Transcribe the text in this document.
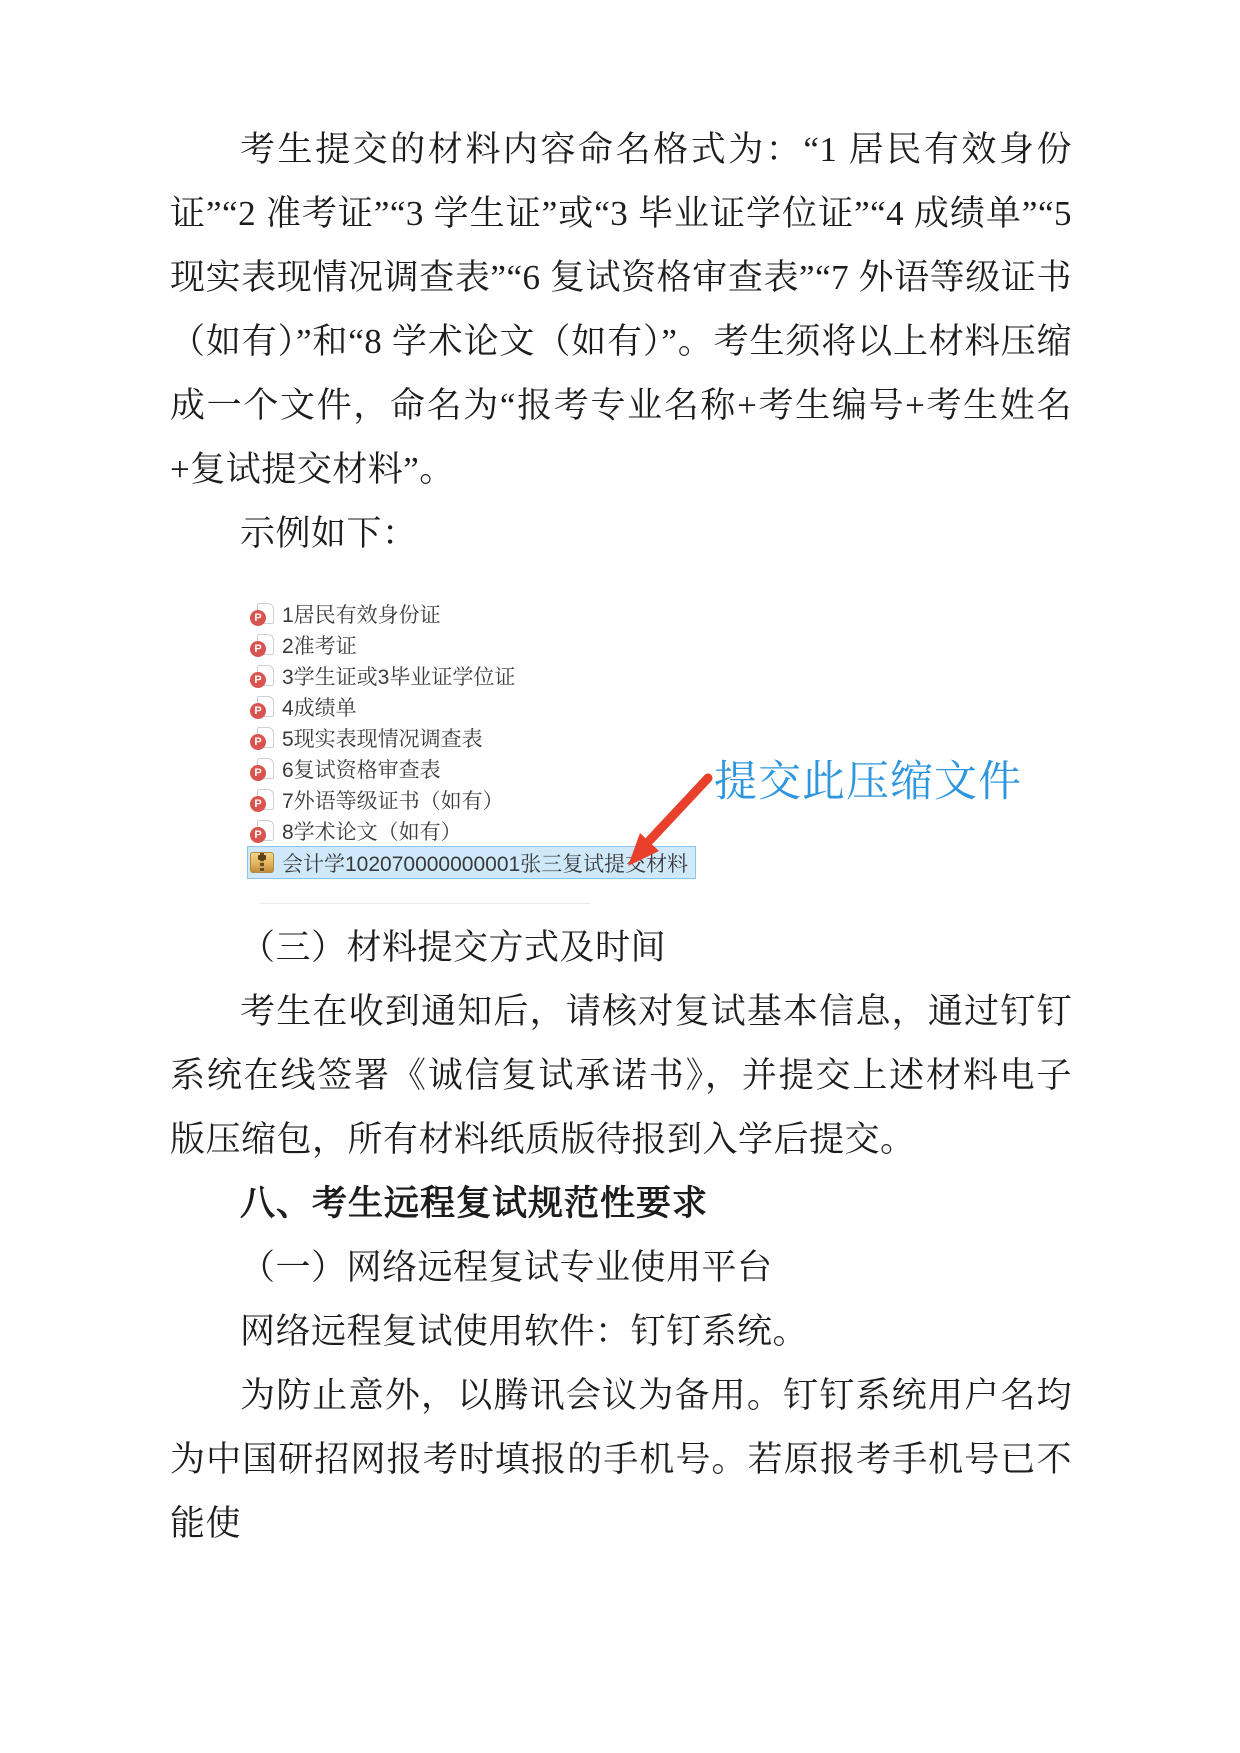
考生提交的材料内容命名格式为：“1 居民有效身份证”“2 准考证”“3 学生证”或“3 毕业证学位证”“4 成绩单”“5 现实表现情况调查表”“6 复试资格审查表”“7 外语等级证书（如有）”和“8 学术论文（如有）”。考生须将以上材料压缩成一个文件，命名为“报考专业名称+考生编号+考生姓名+复试提交材料”。

示例如下：

P 1居民有效身份证
P 2准考证
P 3学生证或3毕业证学位证
P 4成绩单
P 5现实表现情况调查表
P 6复试资格审查表
P 7外语等级证书（如有）
P 8学术论文（如有）
会计学102070000000001张三复试提交材料
提交此压缩文件

（三）材料提交方式及时间

考生在收到通知后，请核对复试基本信息，通过钉钉系统在线签署《诚信复试承诺书》，并提交上述材料电子版压缩包，所有材料纸质版待报到入学后提交。

八、考生远程复试规范性要求

（一）网络远程复试专业使用平台

网络远程复试使用软件：钉钉系统。

为防止意外，以腾讯会议为备用。钉钉系统用户名均为中国研招网报考时填报的手机号。若原报考手机号已不能使
